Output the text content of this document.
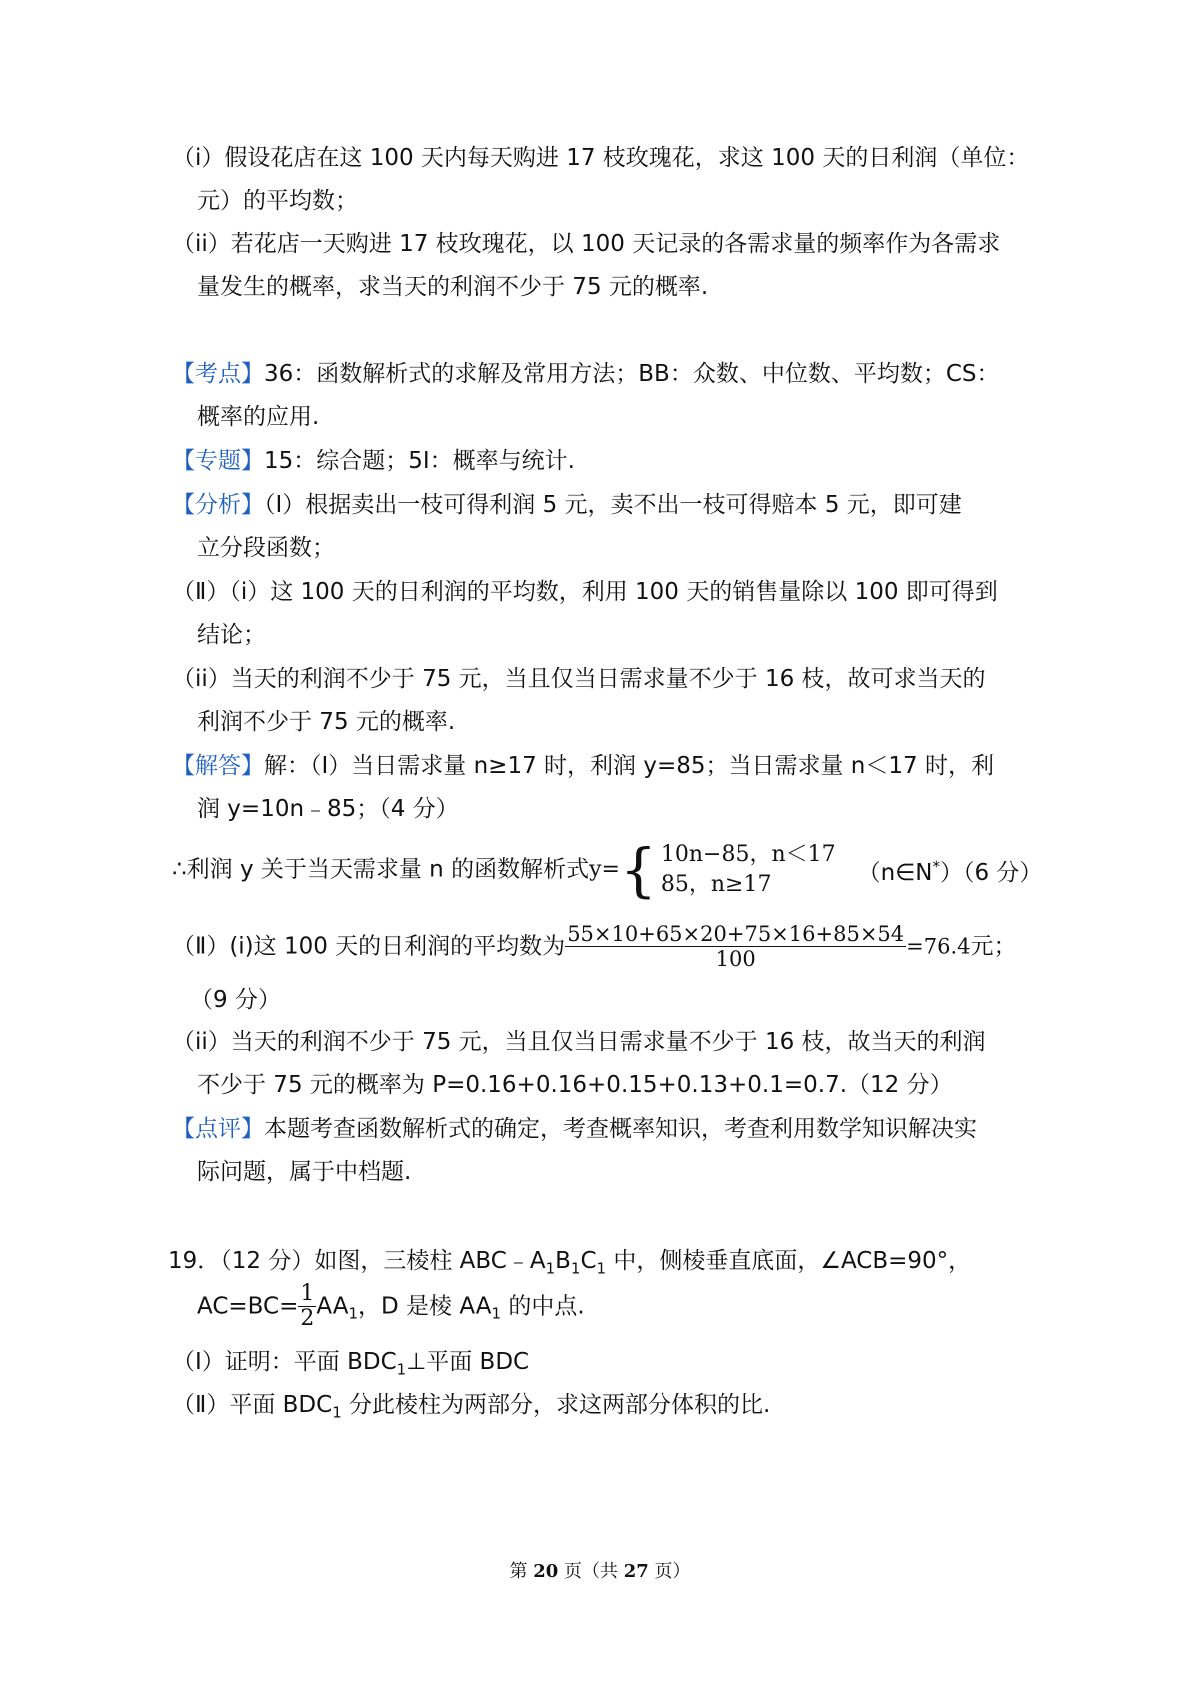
（i）假设花店在这 100 天内每天购进 17 枝玫瑰花，求这 100 天的日利润（单位：
元）的平均数；
（ii）若花店一天购进 17 枝玫瑰花，以 100 天记录的各需求量的频率作为各需求
量发生的概率，求当天的利润不少于 75 元的概率.
【考点】36：函数解析式的求解及常用方法；BB：众数、中位数、平均数；CS：
概率的应用.
【专题】15：综合题；5I：概率与统计.
【分析】（Ⅰ）根据卖出一枝可得利润 5 元，卖不出一枝可得赔本 5 元，即可建
立分段函数；
（Ⅱ）（i）这 100 天的日利润的平均数，利用 100 天的销售量除以 100 即可得到
结论；
（ii）当天的利润不少于 75 元，当且仅当日需求量不少于 16 枝，故可求当天的
利润不少于 75 元的概率.
【解答】解：（Ⅰ）当日需求量 n≥17 时，利润 y=85；当日需求量 n＜17 时，利
润 y=10n﹣85；（4 分）
∴利润 y 关于当天需求量 n 的函数解析式y={ 10n−85，n＜17
85，n≥17	（n∈N*）（6 分）
（Ⅱ）(i)这 100 天的日利润的平均数为 $\frac{55\times 10+65\times 20+75\times 16+85\times 54}{100} =76.4$元；
（9 分）
（ii）当天的利润不少于 75 元，当且仅当日需求量不少于 16 枝，故当天的利润
不少于 75 元的概率为 P=0.16+0.16+0.15+0.13+0.1=0.7.（12 分）
【点评】本题考查函数解析式的确定，考查概率知识，考查利用数学知识解决实
际问题，属于中档题.
19．（12 分）如图，三棱柱 $ABC﹣A_1B_1C_1$ 中，侧棱垂直底面，∠ACB=90°，
$AC=BC= \frac{1}{2} AA_1$，D 是棱 $AA_1$ 的中点.
（Ⅰ）证明：平面 $BDC_1\perp$平面 BDC
（Ⅱ）平面 $BDC_1$ 分此棱柱为两部分，求这两部分体积的比.
第 20 页（共 27 页）
